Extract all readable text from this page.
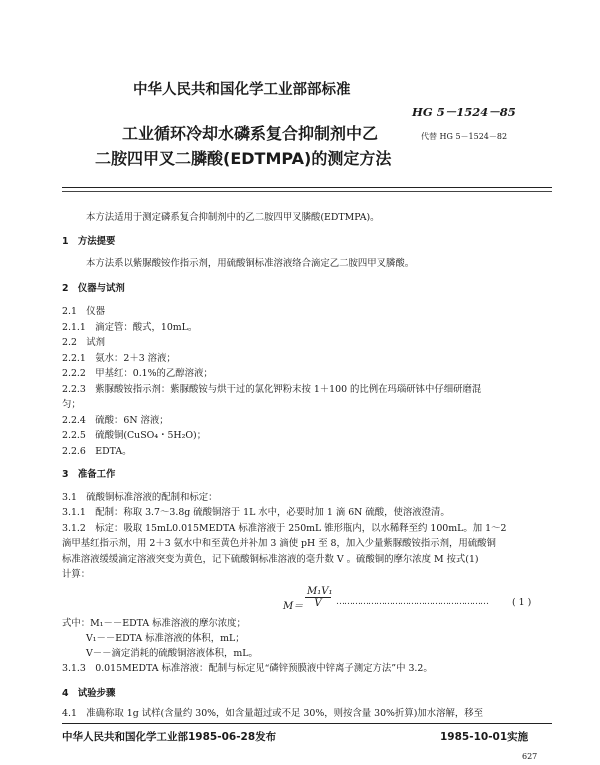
中华人民共和国化学工业部部标准
工业循环冷却水磷系复合抑制剂中乙
二胺四甲叉二膦酸(EDTMPA)的测定方法
HG 5－1524－85
代替 HG 5－1524－82
本方法适用于测定磷系复合抑制剂中的乙二胺四甲叉膦酸(EDTMPA)。
1　方法提要
本方法系以紫脲酸铵作指示剂，用硫酸铜标准溶液络合滴定乙二胺四甲叉膦酸。
2　仪器与试剂
2.1　仪器
2.1.1　滴定管：酸式，10mL。
2.2　试剂
2.2.1　氨水：2＋3 溶液；
2.2.2　甲基红：0.1%的乙醇溶液；
2.2.3　紫脲酸铵指示剂：紫脲酸铵与烘干过的氯化钾粉末按 1＋100 的比例在玛瑙研钵中仔细研磨混
匀；
2.2.4　硫酸：6N 溶液；
2.2.5　硫酸铜(CuSO₄・5H₂O)；
2.2.6　EDTA。
3　准备工作
3.1　硫酸铜标准溶液的配制和标定：
3.1.1　配制：称取 3.7～3.8g 硫酸铜溶于 1L 水中，必要时加 1 滴 6N 硫酸，使溶液澄清。
3.1.2　标定：吸取 15mL0.015MEDTA 标准溶液于 250mL 锥形瓶内，以水稀释至约 100mL。加 1～2
滴甲基红指示剂，用 2＋3 氨水中和至黄色并补加 3 滴使 pH 至 8，加入少量紫脲酸铵指示剂，用硫酸铜
标准溶液缓缓滴定溶液突变为黄色，记下硫酸铜标准溶液的毫升数 V 。硫酸铜的摩尔浓度 M 按式(1)
计算：
$M= \frac{\text{M₁V₁}}{V}$ …………………………………………………	( 1 )
式中：M₁－－EDTA 标准溶液的摩尔浓度；
V₁－－EDTA 标准溶液的体积，mL；
V－－滴定消耗的硫酸铜溶液体积，mL。
3.1.3　0.015MEDTA 标准溶液：配制与标定见“磷锌预膜液中锌离子测定方法”中 3.2。
4　试验步骤
4.1　准确称取 1g 试样(含量约 30%，如含量超过或不足 30%，则按含量 30%折算)加水溶解，移至
中华人民共和国化学工业部1985-06-28发布	1985-10-01实施
627
